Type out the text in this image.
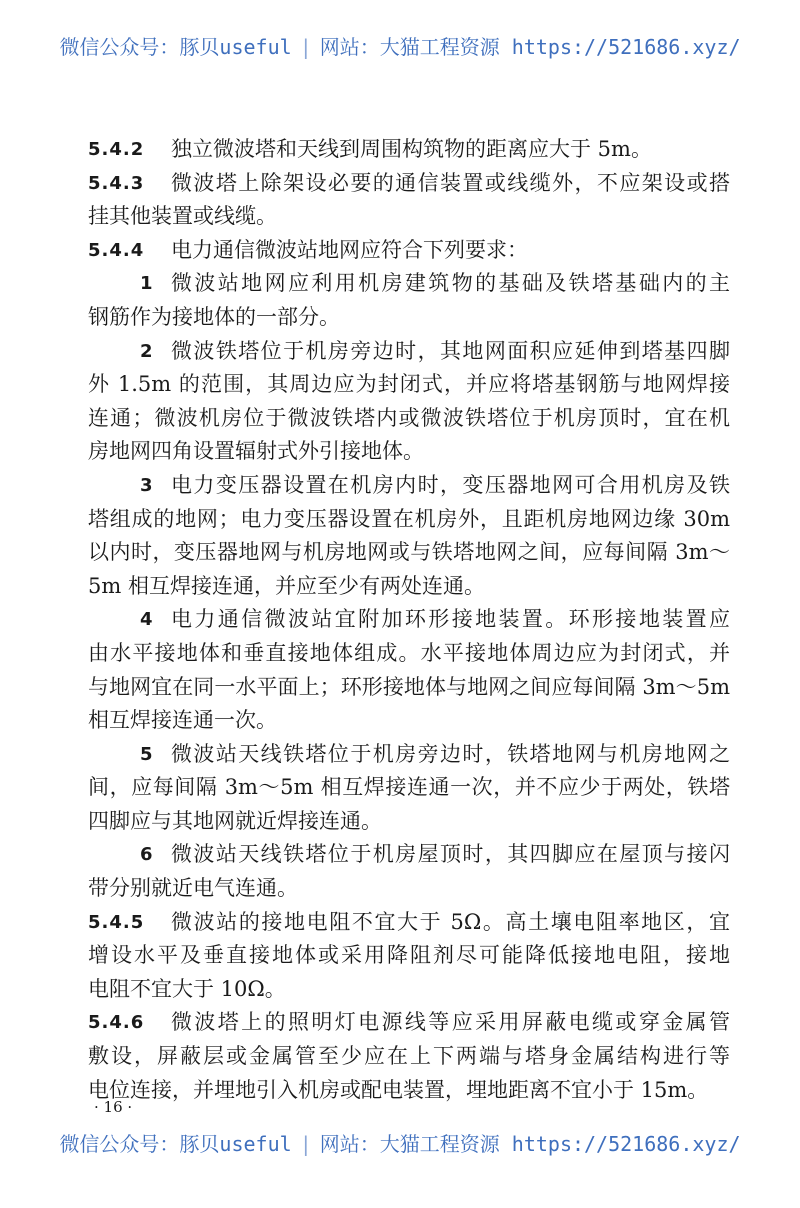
微信公众号：豚贝useful | 网站：大猫工程资源 https://521686.xyz/
5.4.2	独立微波塔和天线到周围构筑物的距离应大于 5m。
5.4.3	微波塔上除架设必要的通信装置或线缆外，不应架设或搭
挂其他装置或线缆。
5.4.4	电力通信微波站地网应符合下列要求：
1 微波站地网应利用机房建筑物的基础及铁塔基础内的主
钢筋作为接地体的一部分。
2 微波铁塔位于机房旁边时，其地网面积应延伸到塔基四脚
外 1.5m 的范围，其周边应为封闭式，并应将塔基钢筋与地网焊接
连通；微波机房位于微波铁塔内或微波铁塔位于机房顶时，宜在机
房地网四角设置辐射式外引接地体。
3 电力变压器设置在机房内时，变压器地网可合用机房及铁
塔组成的地网；电力变压器设置在机房外，且距机房地网边缘 30m
以内时，变压器地网与机房地网或与铁塔地网之间，应每间隔 3m～
5m 相互焊接连通，并应至少有两处连通。
4 电力通信微波站宜附加环形接地装置。环形接地装置应
由水平接地体和垂直接地体组成。水平接地体周边应为封闭式，并
与地网宜在同一水平面上；环形接地体与地网之间应每间隔 3m～5m
相互焊接连通一次。
5 微波站天线铁塔位于机房旁边时，铁塔地网与机房地网之
间，应每间隔 3m～5m 相互焊接连通一次，并不应少于两处，铁塔
四脚应与其地网就近焊接连通。
6 微波站天线铁塔位于机房屋顶时，其四脚应在屋顶与接闪
带分别就近电气连通。
5.4.5	微波站的接地电阻不宜大于 5Ω。高土壤电阻率地区，宜
增设水平及垂直接地体或采用降阻剂尽可能降低接地电阻，接地
电阻不宜大于 10Ω。
5.4.6	微波塔上的照明灯电源线等应采用屏蔽电缆或穿金属管
敷设，屏蔽层或金属管至少应在上下两端与塔身金属结构进行等
电位连接，并埋地引入机房或配电装置，埋地距离不宜小于 15m。
· 16 ·
微信公众号：豚贝useful | 网站：大猫工程资源 https://521686.xyz/
